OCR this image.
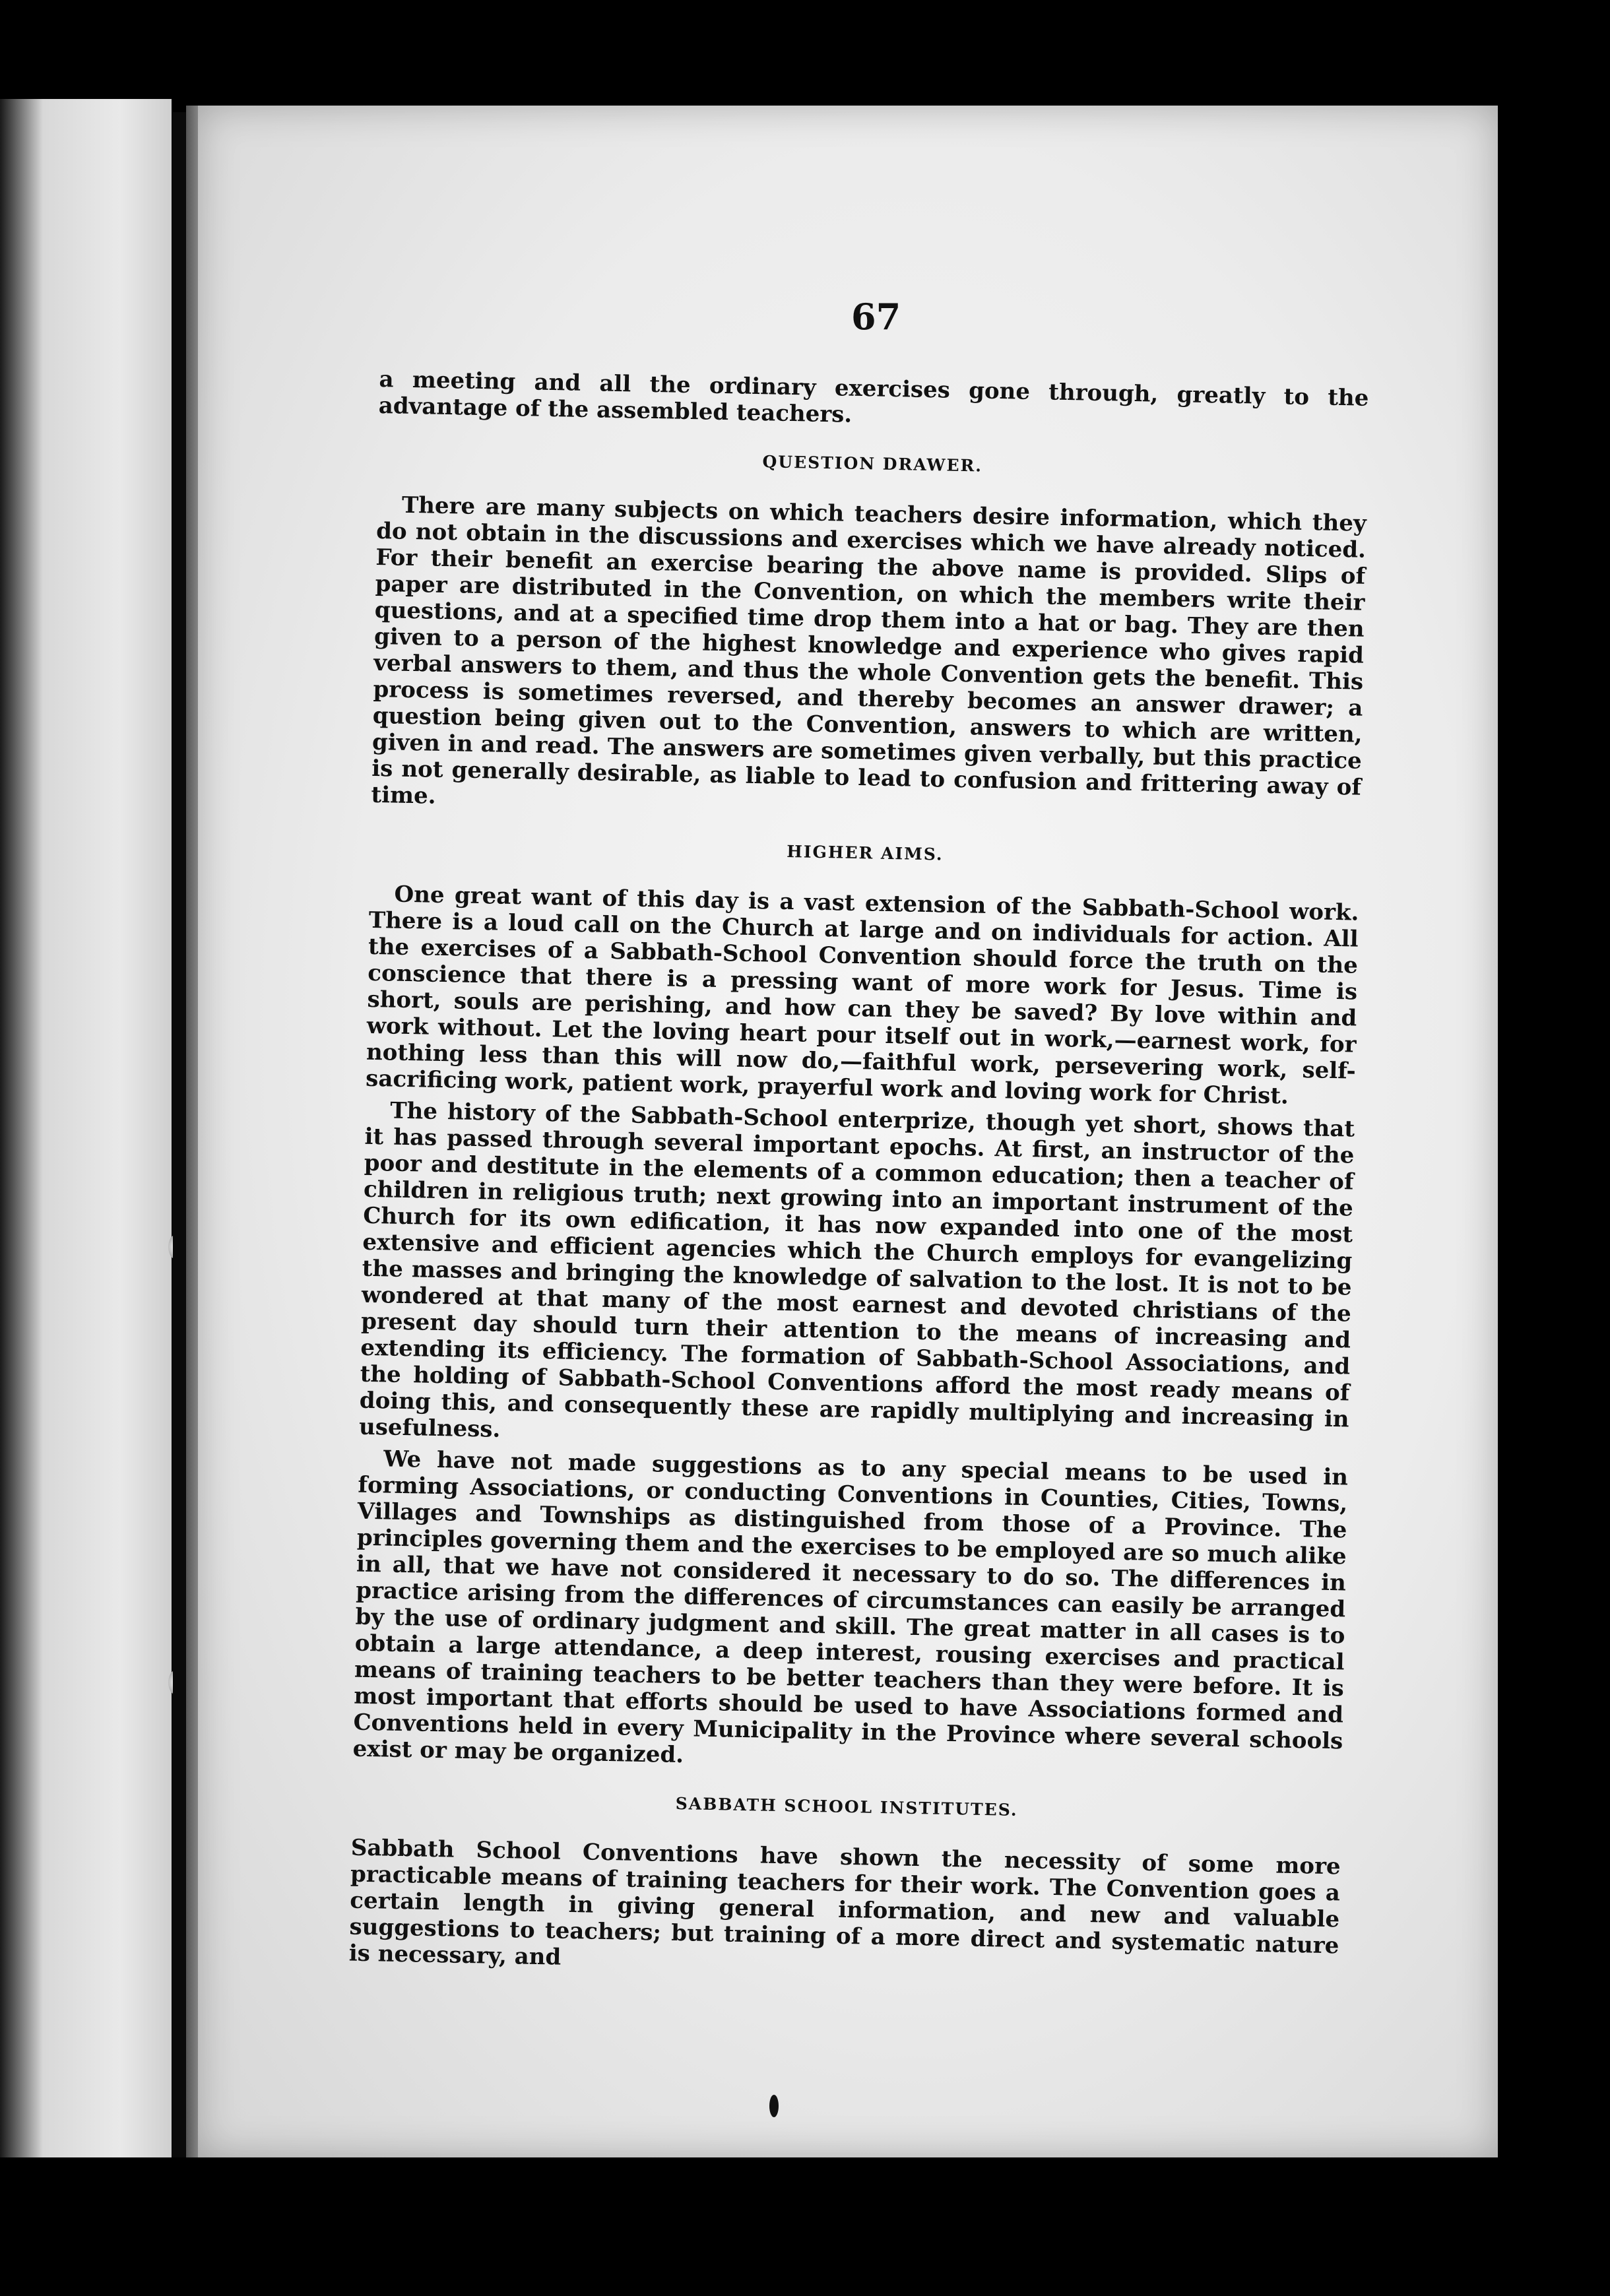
67

a meeting and all the ordinary exercises gone through, greatly to the advantage of the assembled teachers.

QUESTION DRAWER.

There are many subjects on which teachers desire information, which they do not obtain in the discussions and exercises which we have already noticed. For their benefit an exercise bearing the above name is provided. Slips of paper are distributed in the Convention, on which the members write their questions, and at a specified time drop them into a hat or bag. They are then given to a person of the highest knowledge and experience who gives rapid verbal answers to them, and thus the whole Convention gets the benefit. This process is sometimes reversed, and thereby becomes an answer drawer; a question being given out to the Convention, answers to which are written, given in and read. The answers are sometimes given verbally, but this practice is not generally desirable, as liable to lead to confusion and frittering away of time.

HIGHER AIMS.

One great want of this day is a vast extension of the Sabbath-School work. There is a loud call on the Church at large and on individuals for action. All the exercises of a Sabbath-School Convention should force the truth on the conscience that there is a pressing want of more work for Jesus. Time is short, souls are perishing, and how can they be saved? By love within and work without. Let the loving heart pour itself out in work,—earnest work, for nothing less than this will now do,—faithful work, persevering work, self-sacrificing work, patient work, prayerful work and loving work for Christ.

The history of the Sabbath-School enterprize, though yet short, shows that it has passed through several important epochs. At first, an instructor of the poor and destitute in the elements of a common education; then a teacher of children in religious truth; next growing into an important instrument of the Church for its own edification, it has now expanded into one of the most extensive and efficient agencies which the Church employs for evangelizing the masses and bringing the knowledge of salvation to the lost. It is not to be wondered at that many of the most earnest and devoted christians of the present day should turn their attention to the means of increasing and extending its efficiency. The formation of Sabbath-School Associations, and the holding of Sabbath-School Conventions afford the most ready means of doing this, and consequently these are rapidly multiplying and increasing in usefulness.

We have not made suggestions as to any special means to be used in forming Associations, or conducting Conventions in Counties, Cities, Towns, Villages and Townships as distinguished from those of a Province. The principles governing them and the exercises to be employed are so much alike in all, that we have not considered it necessary to do so. The differences in practice arising from the differences of circumstances can easily be arranged by the use of ordinary judgment and skill. The great matter in all cases is to obtain a large attendance, a deep interest, rousing exercises and practical means of training teachers to be better teachers than they were before. It is most important that efforts should be used to have Associations formed and Conventions held in every Municipality in the Province where several schools exist or may be organized.

SABBATH SCHOOL INSTITUTES.

Sabbath School Conventions have shown the necessity of some more practicable means of training teachers for their work. The Convention goes a certain length in giving general information, and new and valuable suggestions to teachers; but training of a more direct and systematic nature is necessary, and
